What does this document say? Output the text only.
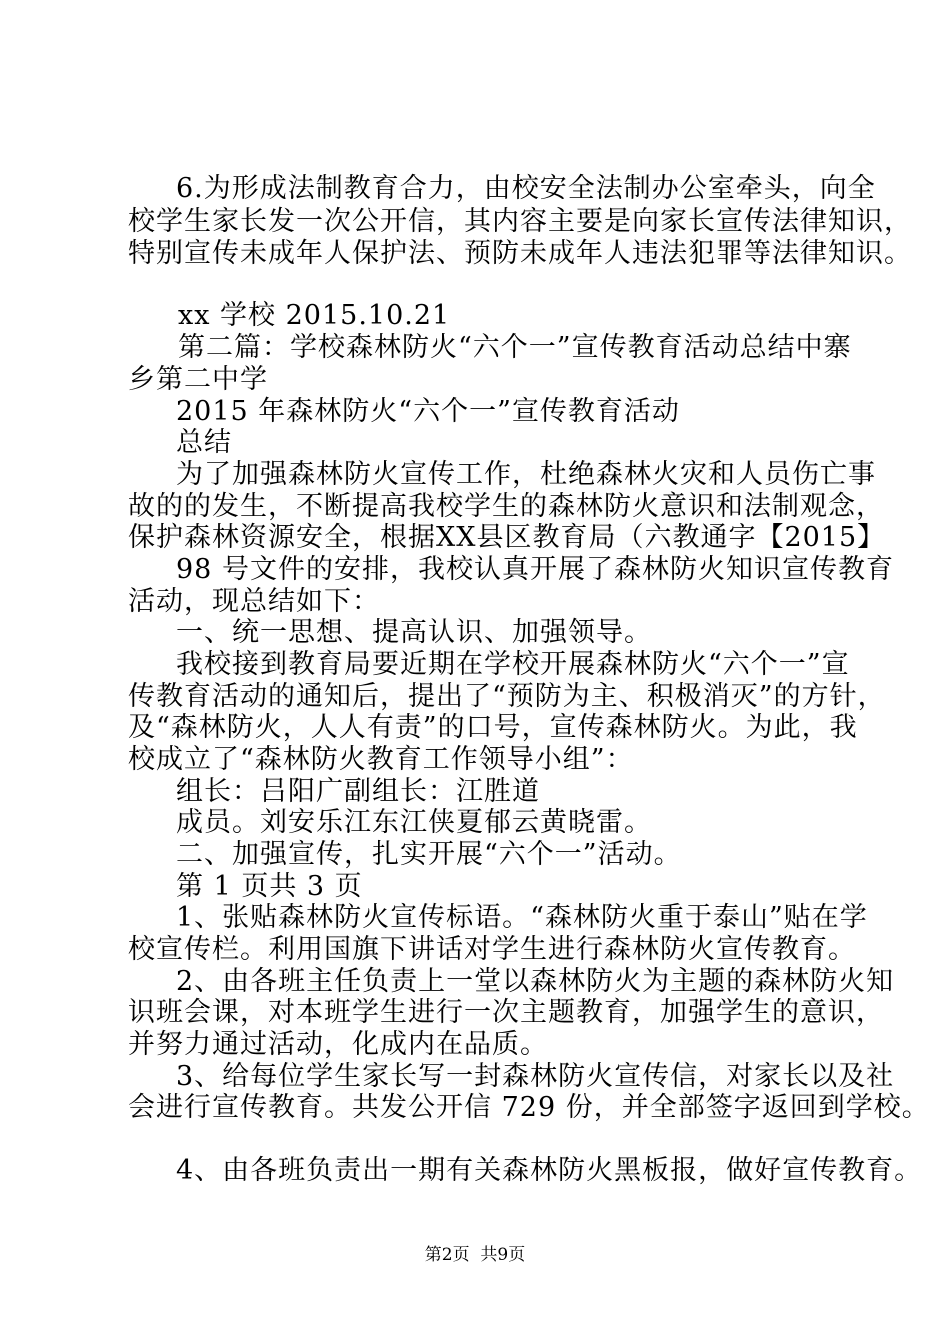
6.为形成法制教育合力，由校安全法制办公室牵头，向全
校学生家长发一次公开信，其内容主要是向家长宣传法律知识，
特别宣传未成年人保护法、预防未成年人违法犯罪等法律知识。
xx 学校 2015.10.21
第二篇：学校森林防火“六个一”宣传教育活动总结中寨
乡第二中学
2015 年森林防火“六个一”宣传教育活动
总结
为了加强森林防火宣传工作，杜绝森林火灾和人员伤亡事
故的的发生，不断提高我校学生的森林防火意识和法制观念，
保护森林资源安全，根据XX县区教育局（六教通字【2015】
98 号文件的安排，我校认真开展了森林防火知识宣传教育
活动，现总结如下：
一、统一思想、提高认识、加强领导。
我校接到教育局要近期在学校开展森林防火“六个一”宣
传教育活动的通知后，提出了“预防为主、积极消灭”的方针，
及“森林防火，人人有责”的口号，宣传森林防火。为此，我
校成立了“森林防火教育工作领导小组”：
组长：吕阳广副组长：江胜道
成员。刘安乐江东江侠夏郁云黄晓雷。
二、加强宣传，扎实开展“六个一”活动。
第 1 页共 3 页
1、张贴森林防火宣传标语。“森林防火重于泰山”贴在学
校宣传栏。利用国旗下讲话对学生进行森林防火宣传教育。
2、由各班主任负责上一堂以森林防火为主题的森林防火知
识班会课，对本班学生进行一次主题教育，加强学生的意识，
并努力通过活动，化成内在品质。
3、给每位学生家长写一封森林防火宣传信，对家长以及社
会进行宣传教育。共发公开信 729 份，并全部签字返回到学校。
4、由各班负责出一期有关森林防火黑板报，做好宣传教育。
第2页  共9页
